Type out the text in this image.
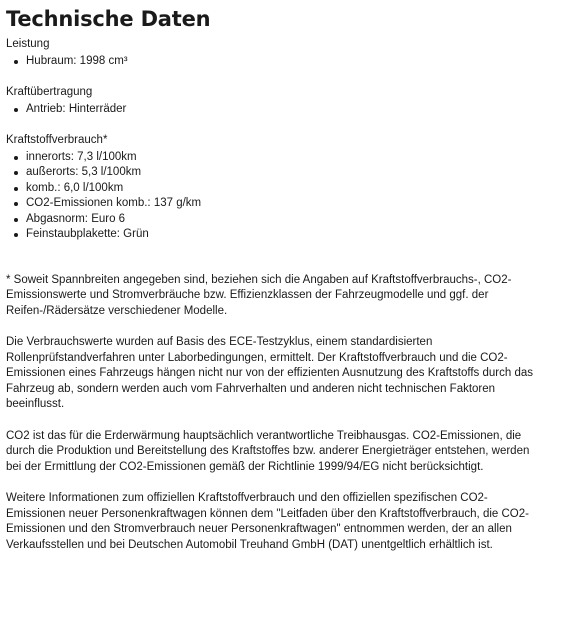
Technische Daten

Leistung

Hubraum: 1998 cm³

Kraftübertragung

Antrieb: Hinterräder

Kraftstoffverbrauch*

innerorts: 7,3 l/100km
außerorts: 5,3 l/100km
komb.: 6,0 l/100km
CO2-Emissionen komb.: 137 g/km
Abgasnorm: Euro 6
Feinstaubplakette: Grün

* Soweit Spannbreiten angegeben sind, beziehen sich die Angaben auf Kraftstoffverbrauchs-, CO2-Emissionswerte und Stromverbräuche bzw. Effizienzklassen der Fahrzeugmodelle und ggf. der Reifen-/Rädersätze verschiedener Modelle.

Die Verbrauchswerte wurden auf Basis des ECE-Testzyklus, einem standardisierten Rollenprüfstandverfahren unter Laborbedingungen, ermittelt. Der Kraftstoffverbrauch und die CO2-Emissionen eines Fahrzeugs hängen nicht nur von der effizienten Ausnutzung des Kraftstoffs durch das Fahrzeug ab, sondern werden auch vom Fahrverhalten und anderen nicht technischen Faktoren beeinflusst.

CO2 ist das für die Erderwärmung hauptsächlich verantwortliche Treibhausgas. CO2-Emissionen, die durch die Produktion und Bereitstellung des Kraftstoffes bzw. anderer Energieträger entstehen, werden bei der Ermittlung der CO2-Emissionen gemäß der Richtlinie 1999/94/EG nicht berücksichtigt.

Weitere Informationen zum offiziellen Kraftstoffverbrauch und den offiziellen spezifischen CO2-Emissionen neuer Personenkraftwagen können dem "Leitfaden über den Kraftstoffverbrauch, die CO2-Emissionen und den Stromverbrauch neuer Personenkraftwagen" entnommen werden, der an allen Verkaufsstellen und bei Deutschen Automobil Treuhand GmbH (DAT) unentgeltlich erhältlich ist.
